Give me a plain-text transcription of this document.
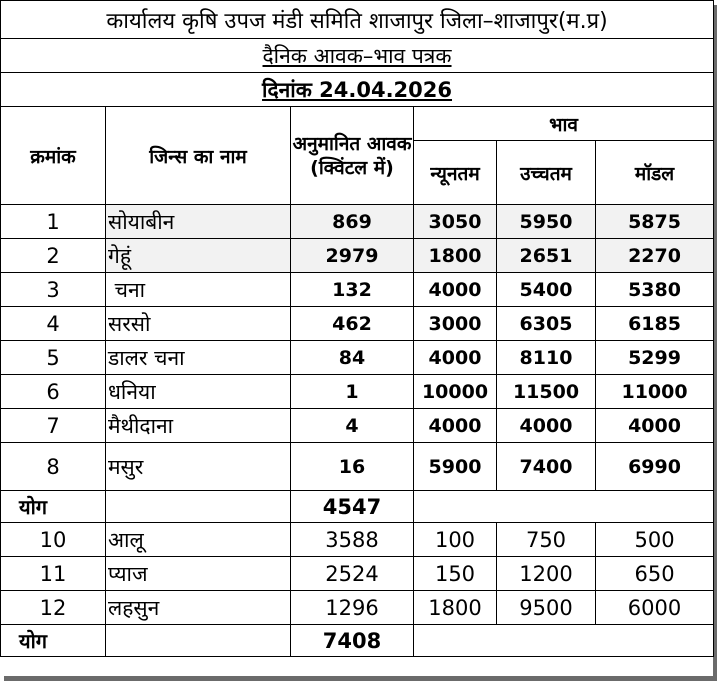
कार्यालय कृषि उपज मंडी समिति शाजापुर जिला–शाजापुर(म.प्र)					
दैनिक आवक–भाव पत्रक					
दिनांक 24.04.2026					
क्रमांक	जिन्स का नाम	अनुमानित आवक (क्विंटल में)	भाव		
			न्यूनतम	उच्चतम	मॉडल
1	सोयाबीन	869	3050	5950	5875
2	गेहूं	2979	1800	2651	2270
3	चना	132	4000	5400	5380
4	सरसो	462	3000	6305	6185
5	डालर चना	84	4000	8110	5299
6	धनिया	1	10000	11500	11000
7	मैथीदाना	4	4000	4000	4000
8	मसुर	16	5900	7400	6990
योग		4547			
10	आलू	3588	100	750	500
11	प्याज	2524	150	1200	650
12	लहसुन	1296	1800	9500	6000
योग		7408			
